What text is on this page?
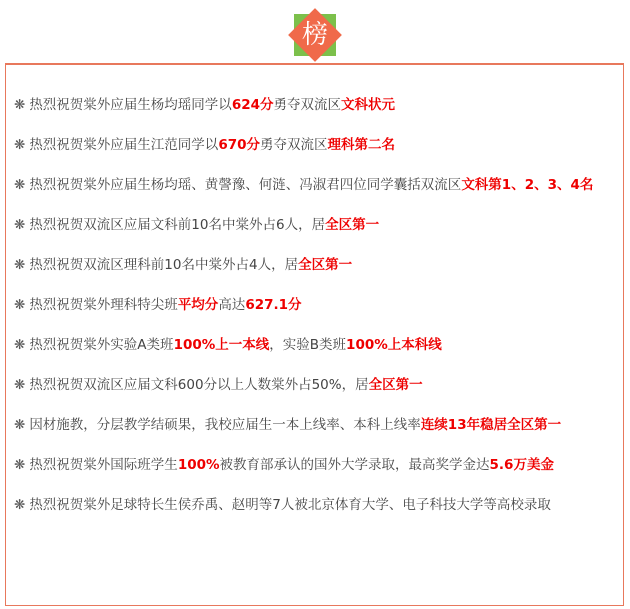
榜
❋ 热烈祝贺棠外应届生杨均瑶同学以624分勇夺双流区文科状元
❋ 热烈祝贺棠外应届生江范同学以670分勇夺双流区理科第二名
❋ 热烈祝贺棠外应届生杨均瑶、黄謦豫、何涟、冯淑君四位同学囊括双流区文科第1、2、3、4名
❋ 热烈祝贺双流区应届文科前10名中棠外占6人，居全区第一
❋ 热烈祝贺双流区理科前10名中棠外占4人，居全区第一
❋ 热烈祝贺棠外理科特尖班平均分高达627.1分
❋ 热烈祝贺棠外实验A类班100%上一本线，实验B类班100%上本科线
❋ 热烈祝贺双流区应届文科600分以上人数棠外占50%，居全区第一
❋ 因材施教，分层教学结硕果，我校应届生一本上线率、本科上线率连续13年稳居全区第一
❋ 热烈祝贺棠外国际班学生100%被教育部承认的国外大学录取，最高奖学金达5.6万美金
❋ 热烈祝贺棠外足球特长生侯乔禹、赵明等7人被北京体育大学、电子科技大学等高校录取
